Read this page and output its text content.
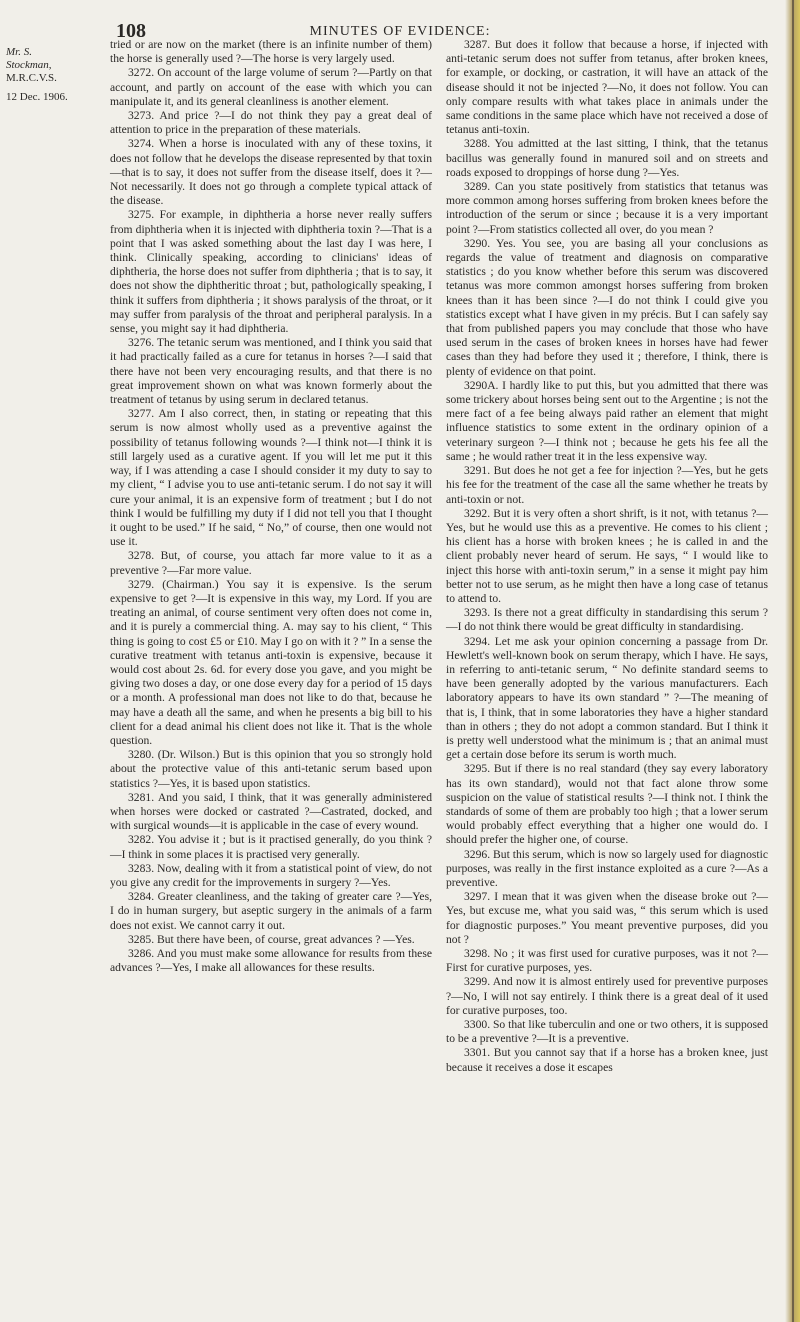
108	MINUTES OF EVIDENCE:
Mr. S.
Stockman,
M.R.C.V.S.
12 Dec. 1906.

tried or are now on the market (there is an infinite number of them) the horse is generally used ?—The horse is very largely used.

3272. On account of the large volume of serum ?—Partly on that account, and partly on account of the ease with which you can manipulate it, and its general cleanliness is another element.

3273. And price ?—I do not think they pay a great deal of attention to price in the preparation of these materials.

3274. When a horse is inoculated with any of these toxins, it does not follow that he develops the disease represented by that toxin—that is to say, it does not suffer from the disease itself, does it ?—Not necessarily. It does not go through a complete typical attack of the disease.

3275. For example, in diphtheria a horse never really suffers from diphtheria when it is injected with diphtheria toxin ?—That is a point that I was asked something about the last day I was here, I think. Clinically speaking, according to clinicians' ideas of diphtheria, the horse does not suffer from diphtheria ; that is to say, it does not show the diphtheritic throat ; but, pathologically speaking, I think it suffers from diphtheria ; it shows paralysis of the throat, or it may suffer from paralysis of the throat and peripheral paralysis. In a sense, you might say it had diphtheria.

3276. The tetanic serum was mentioned, and I think you said that it had practically failed as a cure for tetanus in horses ?—I said that there have not been very encouraging results, and that there is no great improvement shown on what was known formerly about the treatment of tetanus by using serum in declared tetanus.

3277. Am I also correct, then, in stating or repeating that this serum is now almost wholly used as a preventive against the possibility of tetanus following wounds ?—I think not—I think it is still largely used as a curative agent. If you will let me put it this way, if I was attending a case I should consider it my duty to say to my client, “ I advise you to use anti-tetanic serum. I do not say it will cure your animal, it is an expensive form of treatment ; but I do not think I would be fulfilling my duty if I did not tell you that I thought it ought to be used.” If he said, “ No,” of course, then one would not use it.

3278. But, of course, you attach far more value to it as a preventive ?—Far more value.

3279. (Chairman.) You say it is expensive. Is the serum expensive to get ?—It is expensive in this way, my Lord. If you are treating an animal, of course sentiment very often does not come in, and it is purely a commercial thing. A. may say to his client, “ This thing is going to cost £5 or £10. May I go on with it ? ” In a sense the curative treatment with tetanus anti-toxin is expensive, because it would cost about 2s. 6d. for every dose you gave, and you might be giving two doses a day, or one dose every day for a period of 15 days or a month. A professional man does not like to do that, because he may have a death all the same, and when he presents a big bill to his client for a dead animal his client does not like it. That is the whole question.

3280. (Dr. Wilson.) But is this opinion that you so strongly hold about the protective value of this anti-tetanic serum based upon statistics ?—Yes, it is based upon statistics.

3281. And you said, I think, that it was generally administered when horses were docked or castrated ?—Castrated, docked, and with surgical wounds—it is applicable in the case of every wound.

3282. You advise it ; but is it practised generally, do you think ?—I think in some places it is practised very generally.

3283. Now, dealing with it from a statistical point of view, do not you give any credit for the improvements in surgery ?—Yes.

3284. Greater cleanliness, and the taking of greater care ?—Yes, I do in human surgery, but aseptic surgery in the animals of a farm does not exist. We cannot carry it out.

3285. But there have been, of course, great advances ? —Yes.

3286. And you must make some allowance for results from these advances ?—Yes, I make all allowances for these results.

3287. But does it follow that because a horse, if injected with anti-tetanic serum does not suffer from tetanus, after broken knees, for example, or docking, or castration, it will have an attack of the disease should it not be injected ?—No, it does not follow. You can only compare results with what takes place in animals under the same conditions in the same place which have not received a dose of tetanus anti-toxin.

3288. You admitted at the last sitting, I think, that the tetanus bacillus was generally found in manured soil and on streets and roads exposed to droppings of horse dung ?—Yes.

3289. Can you state positively from statistics that tetanus was more common among horses suffering from broken knees before the introduction of the serum or since ; because it is a very important point ?—From statistics collected all over, do you mean ?

3290. Yes. You see, you are basing all your conclusions as regards the value of treatment and diagnosis on comparative statistics ; do you know whether before this serum was discovered tetanus was more common amongst horses suffering from broken knees than it has been since ?—I do not think I could give you statistics except what I have given in my précis. But I can safely say that from published papers you may conclude that those who have used serum in the cases of broken knees in horses have had fewer cases than they had before they used it ; therefore, I think, there is plenty of evidence on that point.

3290A. I hardly like to put this, but you admitted that there was some trickery about horses being sent out to the Argentine ; is not the mere fact of a fee being always paid rather an element that might influence statistics to some extent in the ordinary opinion of a veterinary surgeon ?—I think not ; because he gets his fee all the same ; he would rather treat it in the less expensive way.

3291. But does he not get a fee for injection ?—Yes, but he gets his fee for the treatment of the case all the same whether he treats by anti-toxin or not.

3292. But it is very often a short shrift, is it not, with tetanus ?—Yes, but he would use this as a preventive. He comes to his client ; his client has a horse with broken knees ; he is called in and the client probably never heard of serum. He says, “ I would like to inject this horse with anti-toxin serum,” in a sense it might pay him better not to use serum, as he might then have a long case of tetanus to attend to.

3293. Is there not a great difficulty in standardising this serum ?—I do not think there would be great difficulty in standardising.

3294. Let me ask your opinion concerning a passage from Dr. Hewlett's well-known book on serum therapy, which I have. He says, in referring to anti-tetanic serum, “ No definite standard seems to have been generally adopted by the various manufacturers. Each laboratory appears to have its own standard ” ?—The meaning of that is, I think, that in some laboratories they have a higher standard than in others ; they do not adopt a common standard. But I think it is pretty well understood what the minimum is ; that an animal must get a certain dose before its serum is worth much.

3295. But if there is no real standard (they say every laboratory has its own standard), would not that fact alone throw some suspicion on the value of statistical results ?—I think not. I think the standards of some of them are probably too high ; that a lower serum would probably effect everything that a higher one would do. I should prefer the higher one, of course.

3296. But this serum, which is now so largely used for diagnostic purposes, was really in the first instance exploited as a cure ?—As a preventive.

3297. I mean that it was given when the disease broke out ?—Yes, but excuse me, what you said was, “ this serum which is used for diagnostic purposes.” You meant preventive purposes, did you not ?

3298. No ; it was first used for curative purposes, was it not ?—First for curative purposes, yes.

3299. And now it is almost entirely used for preventive purposes ?—No, I will not say entirely. I think there is a great deal of it used for curative purposes, too.

3300. So that like tuberculin and one or two others, it is supposed to be a preventive ?—It is a preventive.

3301. But you cannot say that if a horse has a broken knee, just because it receives a dose it escapes
